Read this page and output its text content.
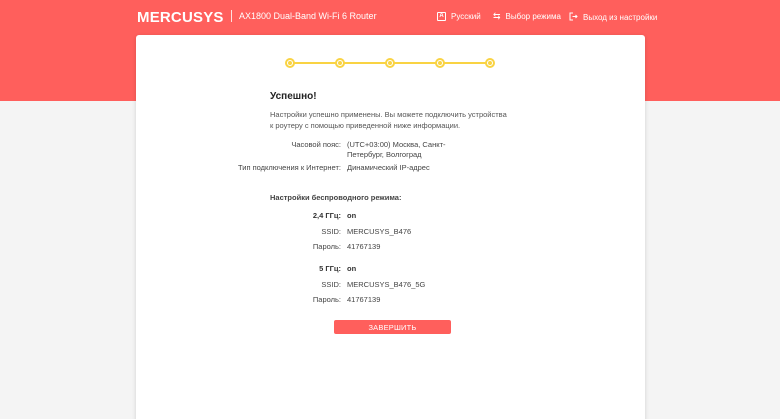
MERCUSYS AX1800 Dual-Band Wi-Fi 6 Router	A Русский ⇆ Выбор режима	Выход из настройки
Успешно!
Настройки успешно применены. Вы можете подключить устройства к роутеру с помощью приведенной ниже информации.
Часовой пояс: (UTC+03:00) Москва, Санкт-Петербург, Волгоград
Тип подключения к Интернет: Динамический IP-адрес
Настройки беспроводного режима:
2,4 ГГц: on
SSID: MERCUSYS_B476
Пароль: 41767139
5 ГГц: on
SSID: MERCUSYS_B476_5G
Пароль: 41767139
ЗАВЕРШИТЬ
